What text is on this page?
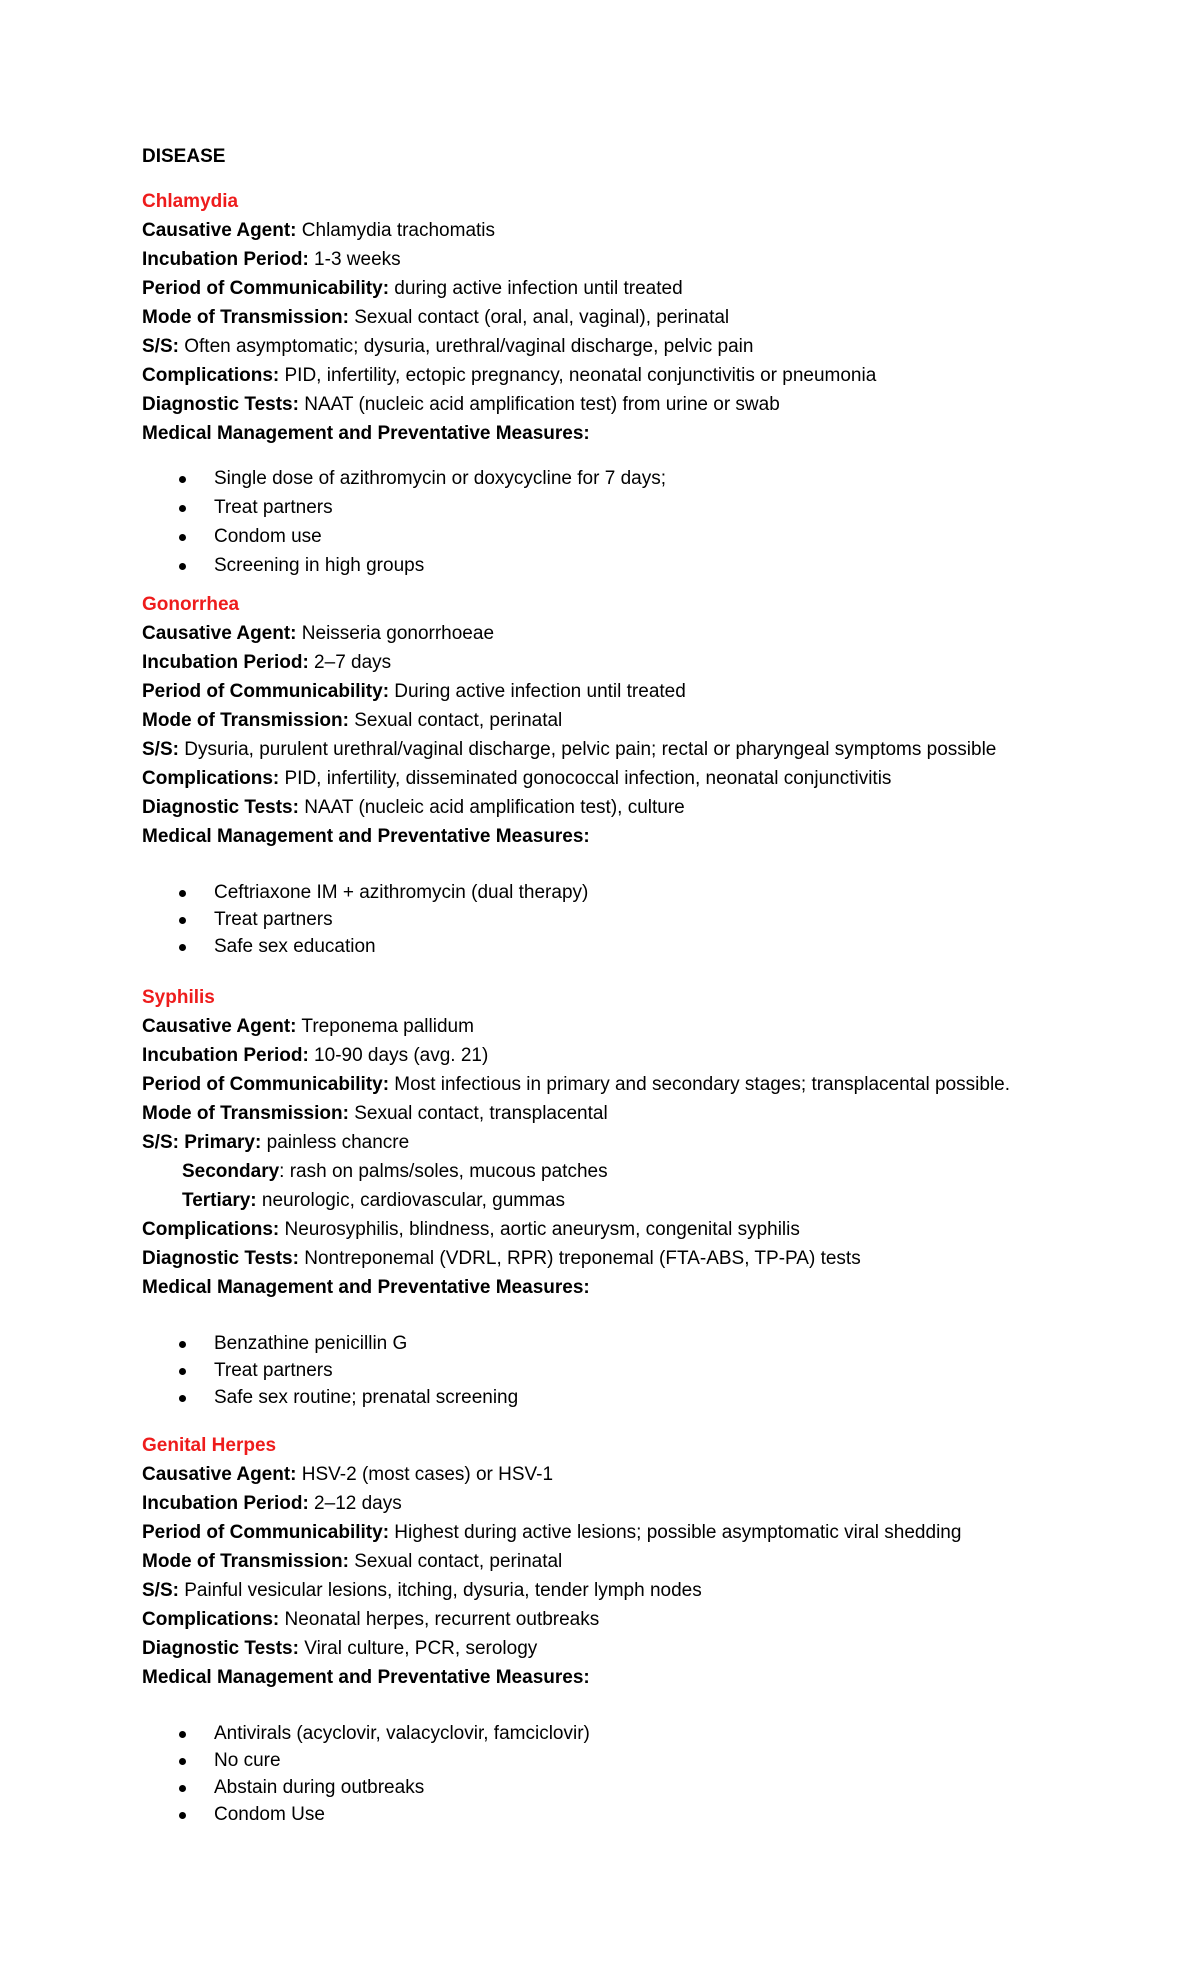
DISEASE

Chlamydia
Causative Agent: Chlamydia trachomatis
Incubation Period: 1-3 weeks
Period of Communicability: during active infection until treated
Mode of Transmission: Sexual contact (oral, anal, vaginal), perinatal
S/S: Often asymptomatic; dysuria, urethral/vaginal discharge, pelvic pain
Complications: PID, infertility, ectopic pregnancy, neonatal conjunctivitis or pneumonia
Diagnostic Tests: NAAT (nucleic acid amplification test) from urine or swab
Medical Management and Preventative Measures:
Single dose of azithromycin or doxycycline for 7 days;
Treat partners
Condom use
Screening in high groups
Gonorrhea
Causative Agent: Neisseria gonorrhoeae
Incubation Period: 2–7 days
Period of Communicability: During active infection until treated
Mode of Transmission: Sexual contact, perinatal
S/S: Dysuria, purulent urethral/vaginal discharge, pelvic pain; rectal or pharyngeal symptoms possible
Complications: PID, infertility, disseminated gonococcal infection, neonatal conjunctivitis
Diagnostic Tests: NAAT (nucleic acid amplification test), culture
Medical Management and Preventative Measures:
Ceftriaxone IM + azithromycin (dual therapy)
Treat partners
Safe sex education
Syphilis
Causative Agent: Treponema pallidum
Incubation Period: 10-90 days (avg. 21)
Period of Communicability: Most infectious in primary and secondary stages; transplacental possible.
Mode of Transmission: Sexual contact, transplacental
S/S: Primary: painless chancre
Secondary: rash on palms/soles, mucous patches
Tertiary: neurologic, cardiovascular, gummas
Complications: Neurosyphilis, blindness, aortic aneurysm, congenital syphilis
Diagnostic Tests: Nontreponemal (VDRL, RPR) treponemal (FTA-ABS, TP-PA) tests
Medical Management and Preventative Measures:
Benzathine penicillin G
Treat partners
Safe sex routine; prenatal screening
Genital Herpes
Causative Agent: HSV-2 (most cases) or HSV-1
Incubation Period: 2–12 days
Period of Communicability: Highest during active lesions; possible asymptomatic viral shedding
Mode of Transmission: Sexual contact, perinatal
S/S: Painful vesicular lesions, itching, dysuria, tender lymph nodes
Complications: Neonatal herpes, recurrent outbreaks
Diagnostic Tests: Viral culture, PCR, serology
Medical Management and Preventative Measures:
Antivirals (acyclovir, valacyclovir, famciclovir)
No cure
Abstain during outbreaks
Condom Use
